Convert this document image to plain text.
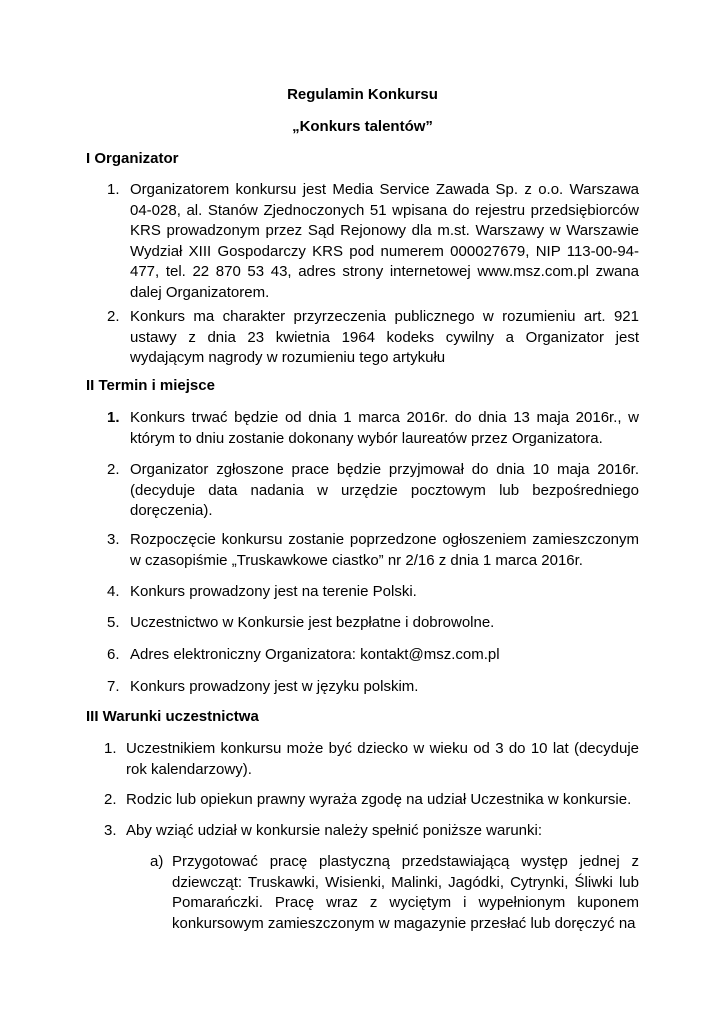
Regulamin Konkursu
„Konkurs talentów”
I Organizator
1. Organizatorem konkursu jest Media Service Zawada Sp. z o.o. Warszawa 04-028, al. Stanów Zjednoczonych 51 wpisana do rejestru przedsiębiorców KRS prowadzonym przez Sąd Rejonowy dla m.st. Warszawy w Warszawie Wydział XIII Gospodarczy KRS pod numerem 000027679, NIP 113-00-94-477, tel. 22 870 53 43, adres strony internetowej www.msz.com.pl zwana dalej Organizatorem.
2. Konkurs ma charakter przyrzeczenia publicznego w rozumieniu art. 921 ustawy z dnia 23 kwietnia 1964 kodeks cywilny a Organizator jest wydającym nagrody w rozumieniu tego artykułu
II Termin i miejsce
1. Konkurs trwać będzie od dnia 1 marca 2016r. do dnia 13 maja 2016r., w którym to dniu zostanie dokonany wybór laureatów przez Organizatora.
2. Organizator zgłoszone prace będzie przyjmował do dnia 10 maja 2016r. (decyduje data nadania w urzędzie pocztowym lub bezpośredniego doręczenia).
3. Rozpoczęcie konkursu zostanie poprzedzone ogłoszeniem zamieszczonym w czasopiśmie „Truskawkowe ciastko” nr 2/16 z dnia 1 marca 2016r.
4. Konkurs prowadzony jest na terenie Polski.
5. Uczestnictwo w Konkursie jest bezpłatne i dobrowolne.
6. Adres elektroniczny Organizatora: kontakt@msz.com.pl
7. Konkurs prowadzony jest w języku polskim.
III Warunki uczestnictwa
1. Uczestnikiem konkursu może być dziecko w wieku od 3 do 10 lat (decyduje rok kalendarzowy).
2. Rodzic lub opiekun prawny wyraża zgodę na udział Uczestnika w konkursie.
3. Aby wziąć udział w konkursie należy spełnić poniższe warunki:
a) Przygotować pracę plastyczną przedstawiającą występ jednej z dziewcząt: Truskawki, Wisienki, Malinki, Jagódki, Cytrynki, Śliwki lub Pomarańczki. Pracę wraz z wyciętym i wypełnionym kuponem konkursowym zamieszczonym w magazynie przesłać lub doręczyć na
